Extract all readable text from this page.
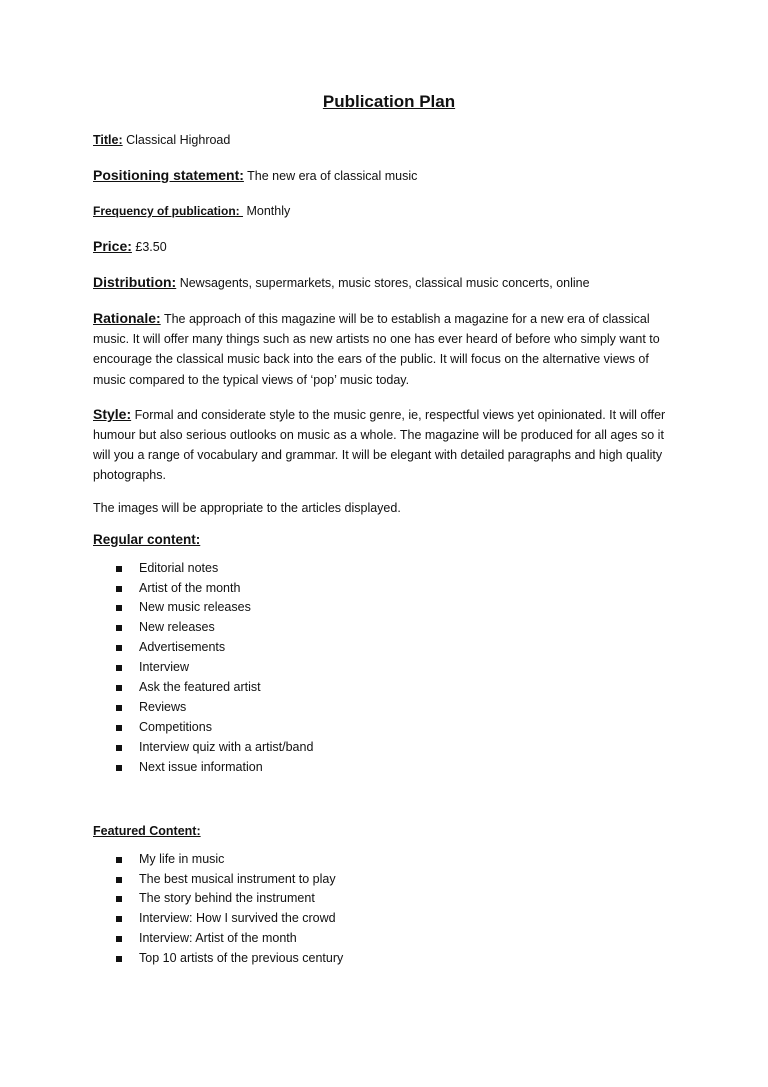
Publication Plan

Title: Classical Highroad

Positioning statement: The new era of classical music

Frequency of publication:  Monthly

Price: £3.50

Distribution: Newsagents, supermarkets, music stores, classical music concerts, online

Rationale: The approach of this magazine will be to establish a magazine for a new era of classical music. It will offer many things such as new artists no one has ever heard of before who simply want to encourage the classical music back into the ears of the public. It will focus on the alternative views of music compared to the typical views of ‘pop’ music today.

Style: Formal and considerate style to the music genre, ie, respectful views yet opinionated. It will offer humour but also serious outlooks on music as a whole. The magazine will be produced for all ages so it will you a range of vocabulary and grammar. It will be elegant with detailed paragraphs and high quality photographs.

The images will be appropriate to the articles displayed.

Regular content:
Editorial notes
Artist of the month
New music releases
New releases
Advertisements
Interview
Ask the featured artist
Reviews
Competitions
Interview quiz with a artist/band
Next issue information
Featured Content:
My life in music
The best musical instrument to play
The story behind the instrument
Interview: How I survived the crowd
Interview: Artist of the month
Top 10 artists of the previous century
